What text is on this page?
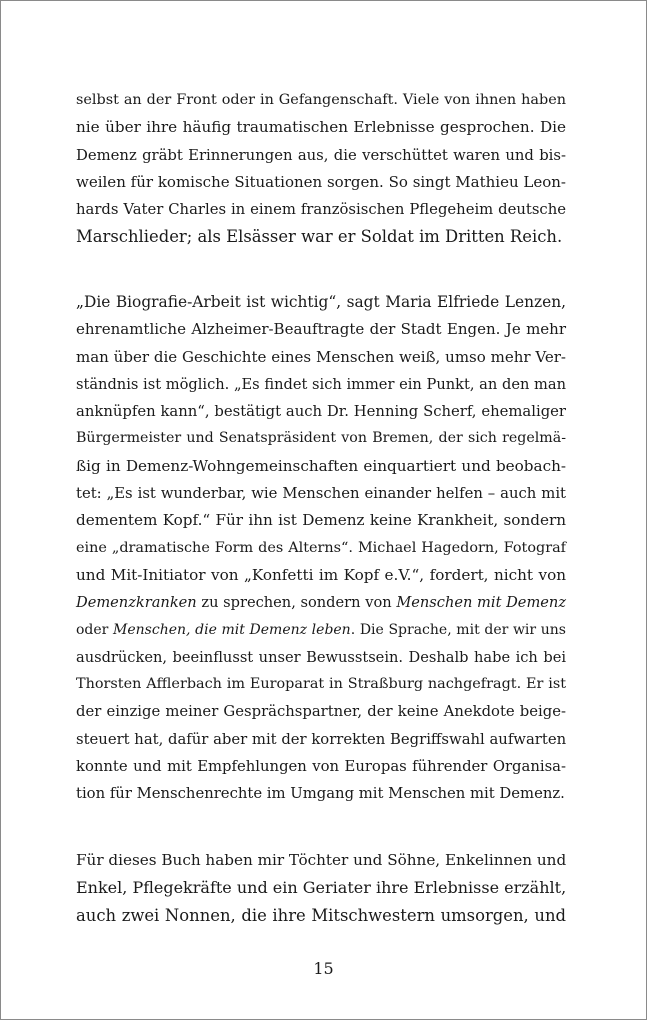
selbst an der Front oder in Gefangenschaft. Viele von ihnen haben
nie über ihre häufig traumatischen Erlebnisse gesprochen. Die
Demenz gräbt Erinnerungen aus, die verschüttet waren und bis-
weilen für komische Situationen sorgen. So singt Mathieu Leon-
hards Vater Charles in einem französischen Pflegeheim deutsche
Marschlieder; als Elsässer war er Soldat im Dritten Reich.

„Die Biografie-Arbeit ist wichtig“, sagt Maria Elfriede Lenzen,
ehrenamtliche Alzheimer-Beauftragte der Stadt Engen. Je mehr
man über die Geschichte eines Menschen weiß, umso mehr Ver-
ständnis ist möglich. „Es findet sich immer ein Punkt, an den man
anknüpfen kann“, bestätigt auch Dr. Henning Scherf, ehemaliger
Bürgermeister und Senatspräsident von Bremen, der sich regelmä-
ßig in Demenz-Wohngemeinschaften einquartiert und beobach-
tet: „Es ist wunderbar, wie Menschen einander helfen – auch mit
dementem Kopf.“ Für ihn ist Demenz keine Krankheit, sondern
eine „dramatische Form des Alterns“. Michael Hagedorn, Fotograf
und Mit-Initiator von „Konfetti im Kopf e.V.“, fordert, nicht von
Demenzkranken zu sprechen, sondern von Menschen mit Demenz
oder Menschen, die mit Demenz leben. Die Sprache, mit der wir uns
ausdrücken, beeinflusst unser Bewusstsein. Deshalb habe ich bei
Thorsten Afflerbach im Europarat in Straßburg nachgefragt. Er ist
der einzige meiner Gesprächspartner, der keine Anekdote beige-
steuert hat, dafür aber mit der korrekten Begriffswahl aufwarten
konnte und mit Empfehlungen von Europas führender Organisa-
tion für Menschenrechte im Umgang mit Menschen mit Demenz.

Für dieses Buch haben mir Töchter und Söhne, Enkelinnen und
Enkel, Pflegekräfte und ein Geriater ihre Erlebnisse erzählt,
auch zwei Nonnen, die ihre Mitschwestern umsorgen, und

15
